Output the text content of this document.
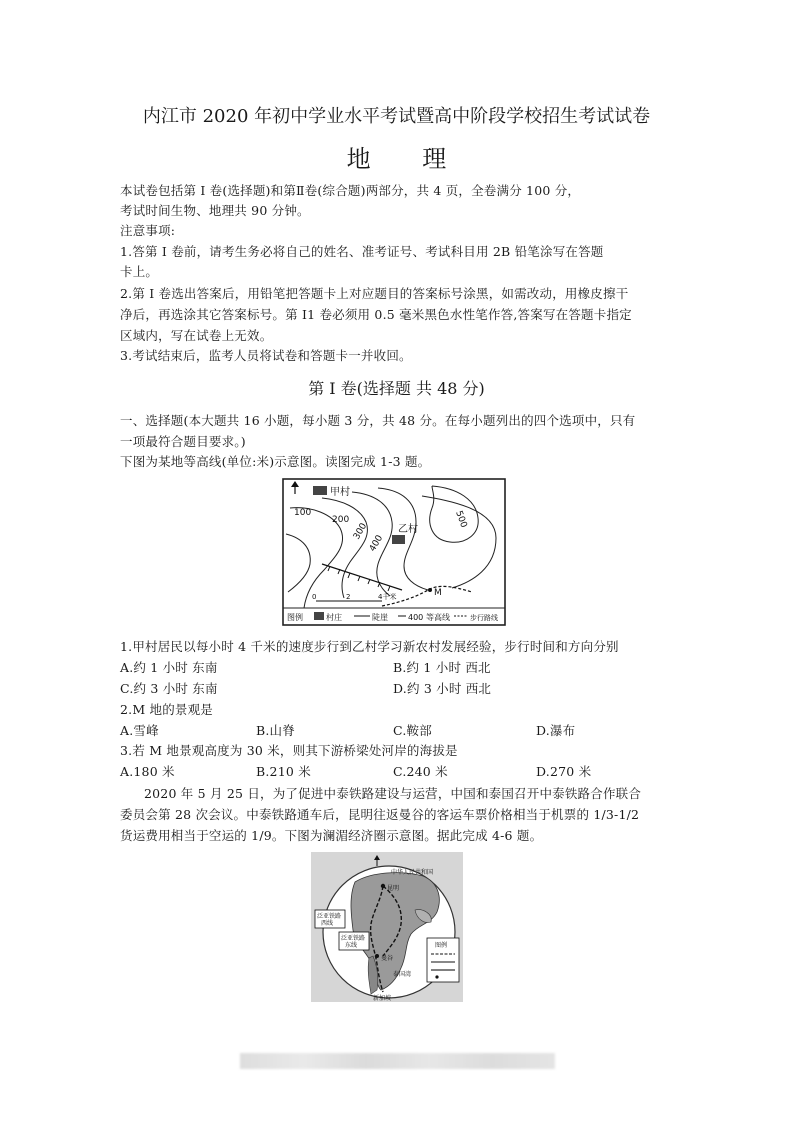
内江市 2020 年初中学业水平考试暨高中阶段学校招生考试试卷
地 理
本试卷包括第 I 卷(选择题)和第Ⅱ卷(综合题)两部分，共 4 页，全卷满分 100 分，
考试时间生物、地理共 90 分钟。
注意事项:
1.答第 I 卷前，请考生务必将自己的姓名、准考证号、考试科目用 2B 铅笔涂写在答题
卡上。
2.第 I 卷选出答案后，用铅笔把答题卡上对应题目的答案标号涂黑，如需改动，用橡皮擦干
净后，再选涂其它答案标号。第 I1 卷必须用 0.5 毫米黑色水性笔作答,答案写在答题卡指定
区域内，写在试卷上无效。
3.考试结束后，监考人员将试卷和答题卡一并收回。
第 I 卷(选择题 共 48 分)
一、选择题(本大题共 16 小题，每小题 3 分，共 48 分。在每小题列出的四个选项中，只有
一项最符合题目要求。)
下图为某地等高线(单位:米)示意图。读图完成 1-3 题。
甲村
100
200
300
400
500
乙村
M
0	2	4千米
图例	村庄	陡崖	400 等高线	步行路线
1.甲村居民以每小时 4 千米的速度步行到乙村学习新农村发展经验，步行时间和方向分别
A.约 1 小时 东南	B.约 1 小时 西北
C.约 3 小时 东南	D.约 3 小时 西北
2.M 地的景观是
A.雪峰	B.山脊	C.鞍部	D.瀑布
3.若 M 地景观高度为 30 米，则其下游桥梁处河岸的海拔是
A.180 米	B.210 米	C.240 米	D.270 米
2020 年 5 月 25 日，为了促进中泰铁路建设与运营，中国和泰国召开中泰铁路合作联合
委员会第 28 次会议。中泰铁路通车后，昆明往返曼谷的客运车票价格相当于机票的 1/3-1/2
货运费用相当于空运的 1/9。下图为澜湄经济圈示意图。据此完成 4-6 题。
昆明
中华人民共和国
曼谷
泰国湾
新加坡
泛亚铁路
西线
泛亚铁路
东线	图例
